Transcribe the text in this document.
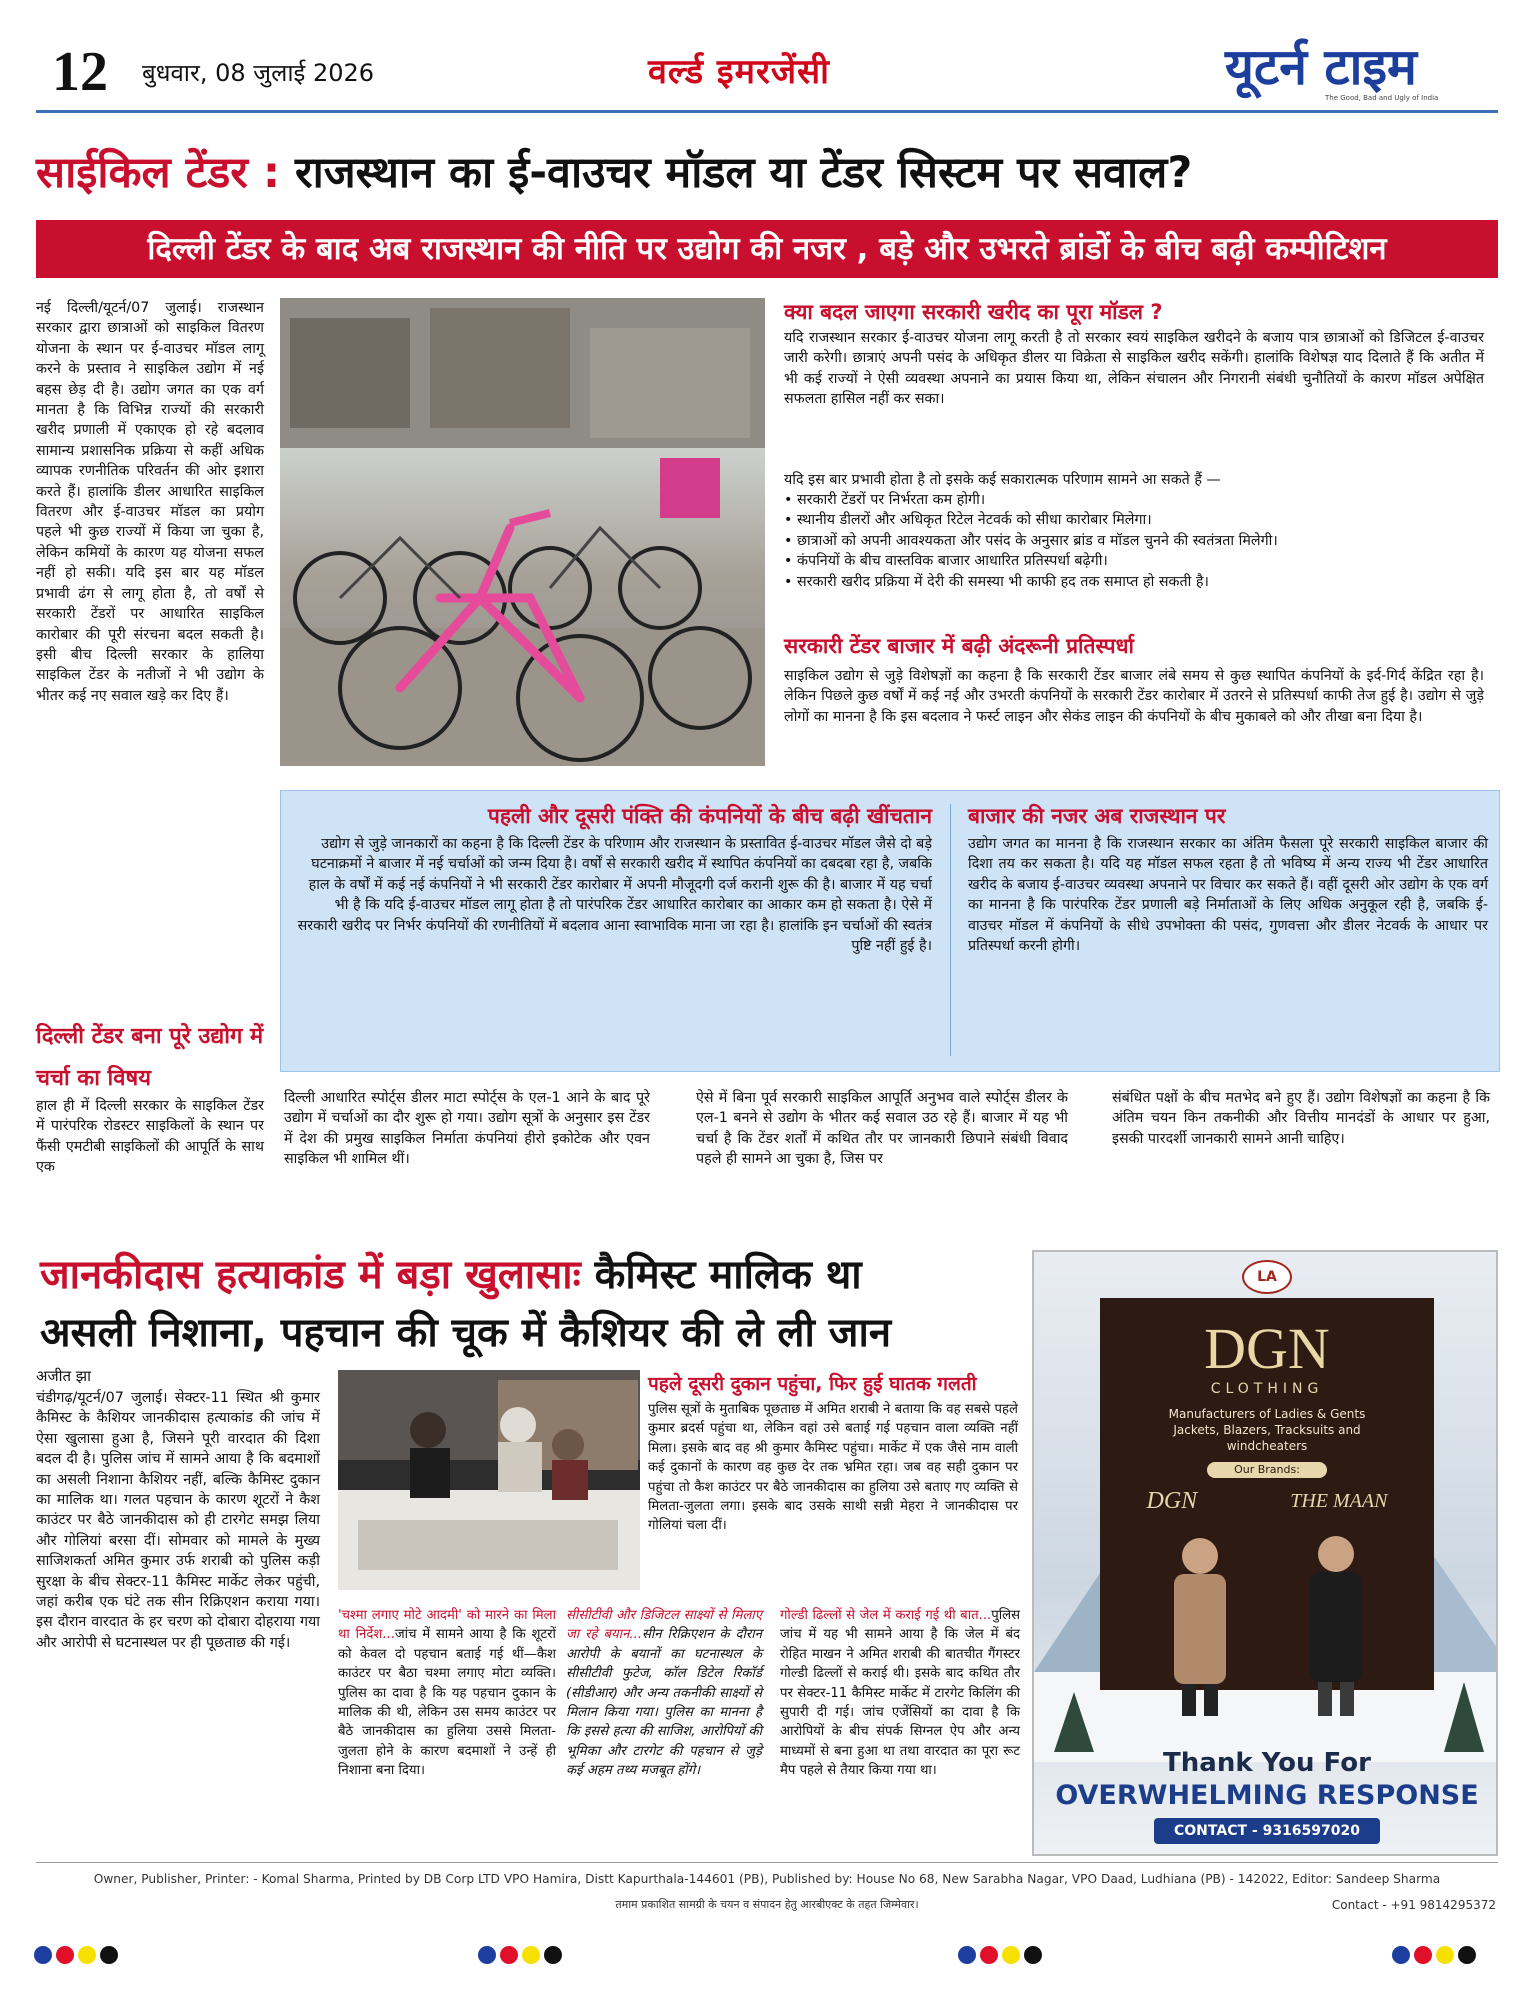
12 बुधवार, 08 जुलाई 2026	वर्ल्ड इमरजेंसी	यूटर्न टाइम
The Good, Bad and Ugly of India
साईकिल टेंडर : राजस्थान का ई-वाउचर मॉडल या टेंडर सिस्टम पर सवाल?
दिल्ली टेंडर के बाद अब राजस्थान की नीति पर उद्योग की नजर , बड़े और उभरते ब्रांडों के बीच बढ़ी कम्पीटिशन
नई दिल्ली/यूटर्न/07 जुलाई। राजस्थान सरकार द्वारा छात्राओं को साइकिल वितरण योजना के स्थान पर ई-वाउचर मॉडल लागू करने के प्रस्ताव ने साइकिल उद्योग में नई बहस छेड़ दी है। उद्योग जगत का एक वर्ग मानता है कि विभिन्न राज्यों की सरकारी खरीद प्रणाली में एकाएक हो रहे बदलाव सामान्य प्रशासनिक प्रक्रिया से कहीं अधिक व्यापक रणनीतिक परिवर्तन की ओर इशारा करते हैं। हालांकि डीलर आधारित साइकिल वितरण और ई-वाउचर मॉडल का प्रयोग पहले भी कुछ राज्यों में किया जा चुका है, लेकिन कमियों के कारण यह योजना सफल नहीं हो सकी। यदि इस बार यह मॉडल प्रभावी ढंग से लागू होता है, तो वर्षों से सरकारी टेंडरों पर आधारित साइकिल कारोबार की पूरी संरचना बदल सकती है। इसी बीच दिल्ली सरकार के हालिया साइकिल टेंडर के नतीजों ने भी उद्योग के भीतर कई नए सवाल खड़े कर दिए हैं।
दिल्ली टेंडर बना पूरे उद्योग में चर्चा का विषय
हाल ही में दिल्ली सरकार के साइकिल टेंडर में पारंपरिक रोडस्टर साइकिलों के स्थान पर फैंसी एमटीबी साइकिलों की आपूर्ति के साथ एक
क्या बदल जाएगा सरकारी खरीद का पूरा मॉडल ?
यदि राजस्थान सरकार ई-वाउचर योजना लागू करती है तो सरकार स्वयं साइकिल खरीदने के बजाय पात्र छात्राओं को डिजिटल ई-वाउचर जारी करेगी। छात्राएं अपनी पसंद के अधिकृत डीलर या विक्रेता से साइकिल खरीद सकेंगी। हालांकि विशेषज्ञ याद दिलाते हैं कि अतीत में भी कई राज्यों ने ऐसी व्यवस्था अपनाने का प्रयास किया था, लेकिन संचालन और निगरानी संबंधी चुनौतियों के कारण मॉडल अपेक्षित सफलता हासिल नहीं कर सका।
यदि इस बार प्रभावी होता है तो इसके कई सकारात्मक परिणाम सामने आ सकते हैं —
• सरकारी टेंडरों पर निर्भरता कम होगी।
• स्थानीय डीलरों और अधिकृत रिटेल नेटवर्क को सीधा कारोबार मिलेगा।
• छात्राओं को अपनी आवश्यकता और पसंद के अनुसार ब्रांड व मॉडल चुनने की स्वतंत्रता मिलेगी।
• कंपनियों के बीच वास्तविक बाजार आधारित प्रतिस्पर्धा बढ़ेगी।
• सरकारी खरीद प्रक्रिया में देरी की समस्या भी काफी हद तक समाप्त हो सकती है।
सरकारी टेंडर बाजार में बढ़ी अंदरूनी प्रतिस्पर्धा
साइकिल उद्योग से जुड़े विशेषज्ञों का कहना है कि सरकारी टेंडर बाजार लंबे समय से कुछ स्थापित कंपनियों के इर्द-गिर्द केंद्रित रहा है। लेकिन पिछले कुछ वर्षों में कई नई और उभरती कंपनियों के सरकारी टेंडर कारोबार में उतरने से प्रतिस्पर्धा काफी तेज हुई है। उद्योग से जुड़े लोगों का मानना है कि इस बदलाव ने फर्स्ट लाइन और सेकंड लाइन की कंपनियों के बीच मुकाबले को और तीखा बना दिया है।
पहली और दूसरी पंक्ति की कंपनियों के बीच बढ़ी खींचतान
उद्योग से जुड़े जानकारों का कहना है कि दिल्ली टेंडर के परिणाम और राजस्थान के प्रस्तावित ई-वाउचर मॉडल जैसे दो बड़े घटनाक्रमों ने बाजार में नई चर्चाओं को जन्म दिया है। वर्षों से सरकारी खरीद में स्थापित कंपनियों का दबदबा रहा है, जबकि हाल के वर्षों में कई नई कंपनियों ने भी सरकारी टेंडर कारोबार में अपनी मौजूदगी दर्ज करानी शुरू की है। बाजार में यह चर्चा भी है कि यदि ई-वाउचर मॉडल लागू होता है तो पारंपरिक टेंडर आधारित कारोबार का आकार कम हो सकता है। ऐसे में सरकारी खरीद पर निर्भर कंपनियों की रणनीतियों में बदलाव आना स्वाभाविक माना जा रहा है। हालांकि इन चर्चाओं की स्वतंत्र पुष्टि नहीं हुई है।
बाजार की नजर अब राजस्थान पर
उद्योग जगत का मानना है कि राजस्थान सरकार का अंतिम फैसला पूरे सरकारी साइकिल बाजार की दिशा तय कर सकता है। यदि यह मॉडल सफल रहता है तो भविष्य में अन्य राज्य भी टेंडर आधारित खरीद के बजाय ई-वाउचर व्यवस्था अपनाने पर विचार कर सकते हैं। वहीं दूसरी ओर उद्योग के एक वर्ग का मानना है कि पारंपरिक टेंडर प्रणाली बड़े निर्माताओं के लिए अधिक अनुकूल रही है, जबकि ई-वाउचर मॉडल में कंपनियों के सीधे उपभोक्ता की पसंद, गुणवत्ता और डीलर नेटवर्क के आधार पर प्रतिस्पर्धा करनी होगी।
दिल्ली आधारित स्पोर्ट्स डीलर माटा स्पोर्ट्स के एल-1 आने के बाद पूरे उद्योग में चर्चाओं का दौर शुरू हो गया। उद्योग सूत्रों के अनुसार इस टेंडर में देश की प्रमुख साइकिल निर्माता कंपनियां हीरो इकोटेक और एवन साइकिल भी शामिल थीं।
ऐसे में बिना पूर्व सरकारी साइकिल आपूर्ति अनुभव वाले स्पोर्ट्स डीलर के एल-1 बनने से उद्योग के भीतर कई सवाल उठ रहे हैं। बाजार में यह भी चर्चा है कि टेंडर शर्तों में कथित तौर पर जानकारी छिपाने संबंधी विवाद पहले ही सामने आ चुका है, जिस पर
संबंधित पक्षों के बीच मतभेद बने हुए हैं। उद्योग विशेषज्ञों का कहना है कि अंतिम चयन किन तकनीकी और वित्तीय मानदंडों के आधार पर हुआ, इसकी पारदर्शी जानकारी सामने आनी चाहिए।
जानकीदास हत्याकांड में बड़ा खुलासाः कैमिस्ट मालिक था
असली निशाना, पहचान की चूक में कैशियर की ले ली जान
अजीत झा
चंडीगढ़/यूटर्न/07 जुलाई। सेक्टर-11 स्थित श्री कुमार कैमिस्ट के कैशियर जानकीदास हत्याकांड की जांच में ऐसा खुलासा हुआ है, जिसने पूरी वारदात की दिशा बदल दी है। पुलिस जांच में सामने आया है कि बदमाशों का असली निशाना कैशियर नहीं, बल्कि कैमिस्ट दुकान का मालिक था। गलत पहचान के कारण शूटरों ने कैश काउंटर पर बैठे जानकीदास को ही टारगेट समझ लिया और गोलियां बरसा दीं। सोमवार को मामले के मुख्य साजिशकर्ता अमित कुमार उर्फ शराबी को पुलिस कड़ी सुरक्षा के बीच सेक्टर-11 कैमिस्ट मार्केट लेकर पहुंची, जहां करीब एक घंटे तक सीन रिक्रिएशन कराया गया। इस दौरान वारदात के हर चरण को दोबारा दोहराया गया और आरोपी से घटनास्थल पर ही पूछताछ की गई।
पहले दूसरी दुकान पहुंचा, फिर हुई घातक गलती
पुलिस सूत्रों के मुताबिक पूछताछ में अमित शराबी ने बताया कि वह सबसे पहले कुमार ब्रदर्स पहुंचा था, लेकिन वहां उसे बताई गई पहचान वाला व्यक्ति नहीं मिला। इसके बाद वह श्री कुमार कैमिस्ट पहुंचा। मार्केट में एक जैसे नाम वाली कई दुकानों के कारण वह कुछ देर तक भ्रमित रहा। जब वह सही दुकान पर पहुंचा तो कैश काउंटर पर बैठे जानकीदास का हुलिया उसे बताए गए व्यक्ति से मिलता-जुलता लगा। इसके बाद उसके साथी सन्नी मेहरा ने जानकीदास पर गोलियां चला दीं।
'चश्मा लगाए मोटे आदमी' को मारने का मिला था निर्देश...जांच में सामने आया है कि शूटरों को केवल दो पहचान बताई गई थीं—कैश काउंटर पर बैठा चश्मा लगाए मोटा व्यक्ति। पुलिस का दावा है कि यह पहचान दुकान के मालिक की थी, लेकिन उस समय काउंटर पर बैठे जानकीदास का हुलिया उससे मिलता-जुलता होने के कारण बदमाशों ने उन्हें ही निशाना बना दिया।
सीसीटीवी और डिजिटल साक्ष्यों से मिलाए जा रहे बयान...सीन रिक्रिएशन के दौरान आरोपी के बयानों का घटनास्थल के सीसीटीवी फुटेज, कॉल डिटेल रिकॉर्ड (सीडीआर) और अन्य तकनीकी साक्ष्यों से मिलान किया गया। पुलिस का मानना है कि इससे हत्या की साजिश, आरोपियों की भूमिका और टारगेट की पहचान से जुड़े कई अहम तथ्य मजबूत होंगे।
गोल्डी ढिल्लों से जेल में कराई गई थी बात...पुलिस जांच में यह भी सामने आया है कि जेल में बंद रोहित माखन ने अमित शराबी की बातचीत गैंगस्टर गोल्डी ढिल्लों से कराई थी। इसके बाद कथित तौर पर सेक्टर-11 कैमिस्ट मार्केट में टारगेट किलिंग की सुपारी दी गई। जांच एजेंसियों का दावा है कि आरोपियों के बीच संपर्क सिग्नल ऐप और अन्य माध्यमों से बना हुआ था तथा वारदात का पूरा रूट मैप पहले से तैयार किया गया था।
LA
DGN
CLOTHING
Manufacturers of Ladies & Gents Jackets, Blazers, Tracksuits and windcheaters
Our Brands:
DGN	THE MAAN
Thank You For
OVERWHELMING RESPONSE
CONTACT - 9316597020
Owner, Publisher, Printer: - Komal Sharma, Printed by DB Corp LTD VPO Hamira, Distt Kapurthala-144601 (PB), Published by: House No 68, New Sarabha Nagar, VPO Daad, Ludhiana (PB) - 142022, Editor: Sandeep Sharma
तमाम प्रकाशित सामग्री के चयन व संपादन हेतु आरबीएक्ट के तहत जिम्मेवार।	Contact - +91 9814295372
